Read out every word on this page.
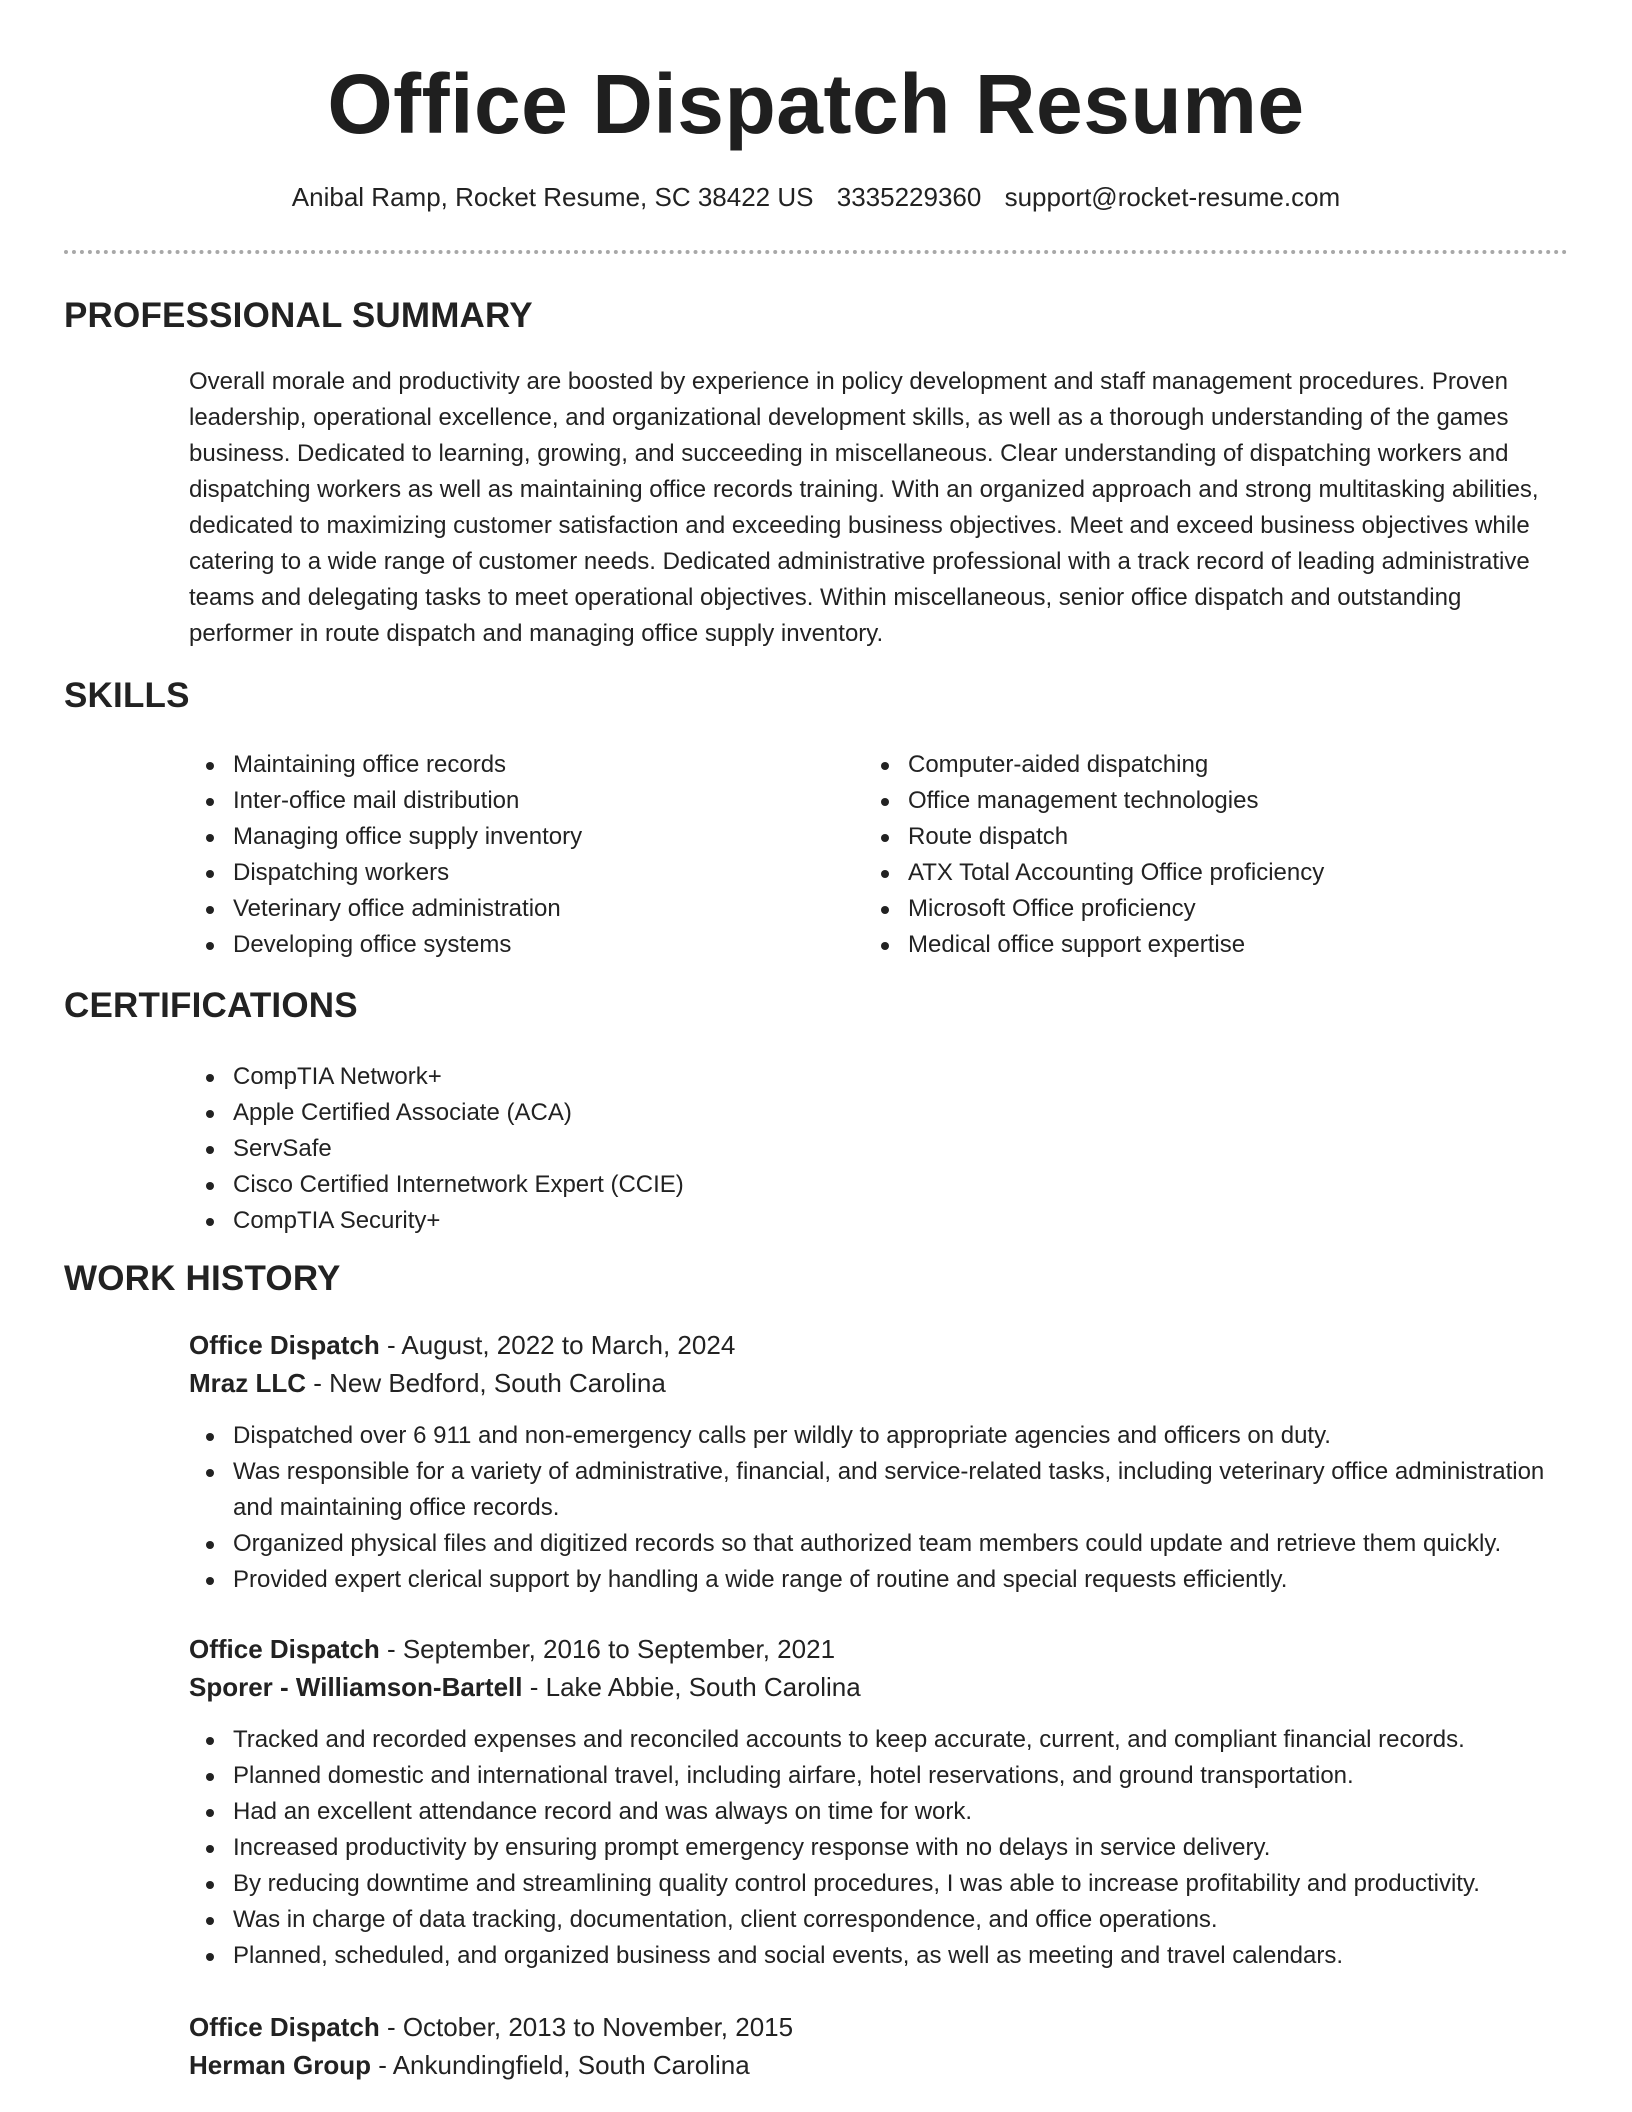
Office Dispatch Resume
Anibal Ramp, Rocket Resume, SC 38422 US 3335229360 support@rocket-resume.com
PROFESSIONAL SUMMARY

Overall morale and productivity are boosted by experience in policy development and staff management procedures. Proven leadership, operational excellence, and organizational development skills, as well as a thorough understanding of the games business. Dedicated to learning, growing, and succeeding in miscellaneous. Clear understanding of dispatching workers and dispatching workers as well as maintaining office records training. With an organized approach and strong multitasking abilities, dedicated to maximizing customer satisfaction and exceeding business objectives. Meet and exceed business objectives while catering to a wide range of customer needs. Dedicated administrative professional with a track record of leading administrative teams and delegating tasks to meet operational objectives. Within miscellaneous, senior office dispatch and outstanding performer in route dispatch and managing office supply inventory.

SKILLS
Maintaining office records
Inter-office mail distribution
Managing office supply inventory
Dispatching workers
Veterinary office administration
Developing office systems
Computer-aided dispatching
Office management technologies
Route dispatch
ATX Total Accounting Office proficiency
Microsoft Office proficiency
Medical office support expertise
CERTIFICATIONS
CompTIA Network+
Apple Certified Associate (ACA)
ServSafe
Cisco Certified Internetwork Expert (CCIE)
CompTIA Security+
WORK HISTORY
Office Dispatch - August, 2022 to March, 2024
Mraz LLC - New Bedford, South Carolina
Dispatched over 6 911 and non-emergency calls per wildly to appropriate agencies and officers on duty.
Was responsible for a variety of administrative, financial, and service-related tasks, including veterinary office administration and maintaining office records.
Organized physical files and digitized records so that authorized team members could update and retrieve them quickly.
Provided expert clerical support by handling a wide range of routine and special requests efficiently.
Office Dispatch - September, 2016 to September, 2021
Sporer - Williamson-Bartell - Lake Abbie, South Carolina
Tracked and recorded expenses and reconciled accounts to keep accurate, current, and compliant financial records.
Planned domestic and international travel, including airfare, hotel reservations, and ground transportation.
Had an excellent attendance record and was always on time for work.
Increased productivity by ensuring prompt emergency response with no delays in service delivery.
By reducing downtime and streamlining quality control procedures, I was able to increase profitability and productivity.
Was in charge of data tracking, documentation, client correspondence, and office operations.
Planned, scheduled, and organized business and social events, as well as meeting and travel calendars.
Office Dispatch - October, 2013 to November, 2015
Herman Group - Ankundingfield, South Carolina
